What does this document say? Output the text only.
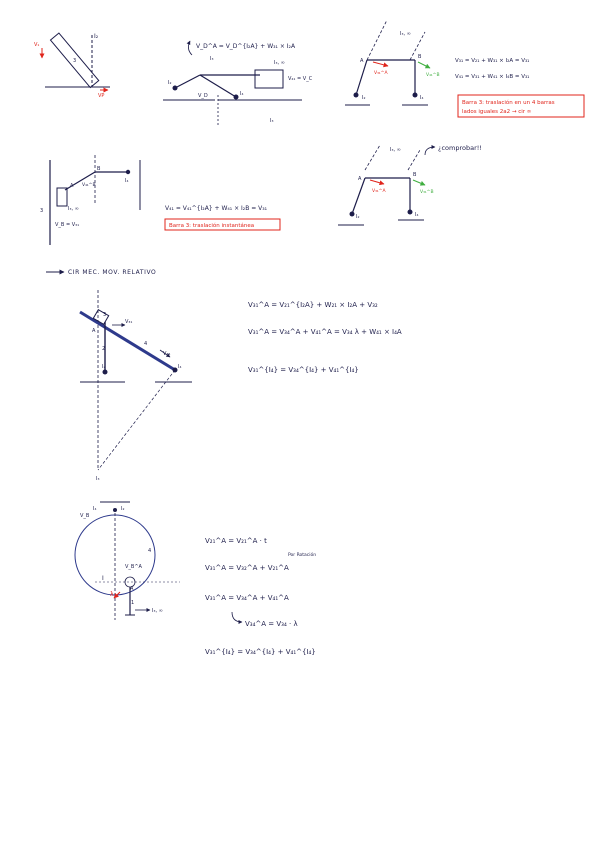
I₂
V₁
VP
3
V_D^A = V_D^{I₂A} + W₃₁ × I₂A
I₂
I₃
I₄
I₃, ∞
V₄₁ = V_C
V_D
I₃
I₃, ∞
A
B
I₂	I₄
V₃₁^A	V₄₁^B
V₃₁ = V₂₁ + W₃₁ × I₂A = V₃₁
V₄₁ = V₃₁ + W₄₁ × I₄B = V₃₁
Barra 3: traslación en un 4 barras
lados iguales 2a2 → cir ∞
A
B
I₄
V₄₁^B
I₃, ∞
V_B = V₃₁
3	V₄₁ = V₄₁^{I₂A} + W₄₁ × I₂B = V₃₁
Barra 3: traslación instantánea
A
B
I₃, ∞
I₂	I₄
V₃₁^A	V₃₁^B
¿comprobar!!
CIR MEC. MOV. RELATIVO
A
I₂	I₄
I₃
V₃₁
V₃₄
3
4
2
V₃₁^A = V₂₁^{I₂A} + W₂₁ × I₂A + V₃₂
V₃₁^A = V₃₄^A + V₄₁^A = V₃₄ λ + W₄₁ × I₄A
V₃₁^{I₄} = V₃₄^{I₄} + V₄₁^{I₄}
I₄	I₂
V_B
V_B^A
I
A
λ
I₃, ∞
4
1
V₂₁^A = V₂₁^A · t
V₃₁^A = V₃₂^A + V₂₁^A
Por Rotación
V₃₁^A = V₃₄^A + V₄₁^A
V₃₄^A = V₃₄ · λ
V₃₁^{I₄} = V₃₄^{I₄} + V₄₁^{I₄}
